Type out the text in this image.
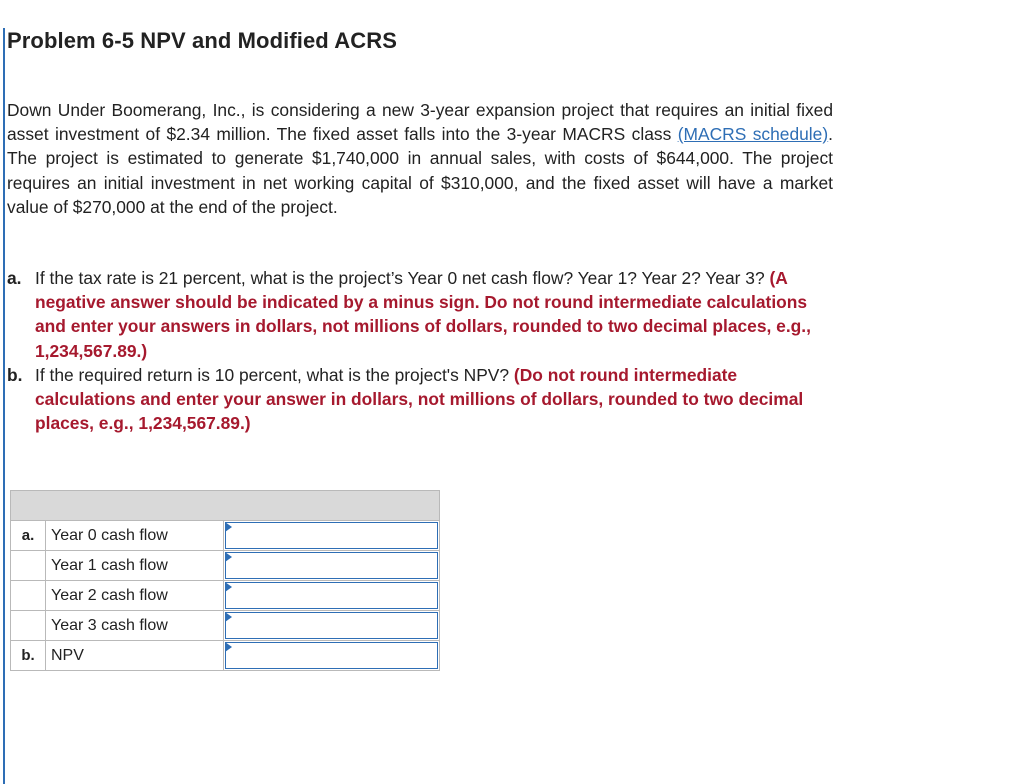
Problem 6-5 NPV and Modified ACRS

Down Under Boomerang, Inc., is considering a new 3-year expansion project that requires an initial fixed asset investment of $2.34 million. The fixed asset falls into the 3-year MACRS class (MACRS schedule). The project is estimated to generate $1,740,000 in annual sales, with costs of $644,000. The project requires an initial investment in net working capital of $310,000, and the fixed asset will have a market value of $270,000 at the end of the project.

a. If the tax rate is 21 percent, what is the project’s Year 0 net cash flow? Year 1? Year 2? Year 3? (A negative answer should be indicated by a minus sign. Do not round intermediate calculations and enter your answers in dollars, not millions of dollars, rounded to two decimal places, e.g., 1,234,567.89.)
b. If the required return is 10 percent, what is the project's NPV? (Do not round intermediate calculations and enter your answer in dollars, not millions of dollars, rounded to two decimal places, e.g., 1,234,567.89.)

a.	Year 0 cash flow	

	Year 1 cash flow	

	Year 2 cash flow	

	Year 3 cash flow	

b.	NPV	
